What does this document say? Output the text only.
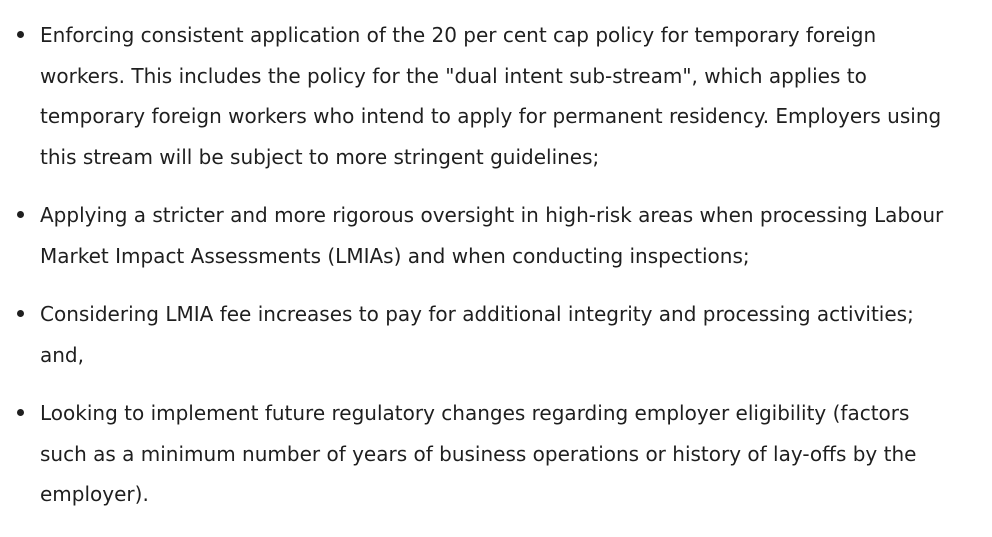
Enforcing consistent application of the 20 per cent cap policy for temporary foreign workers. This includes the policy for the "dual intent sub-stream", which applies to temporary foreign workers who intend to apply for permanent residency. Employers using this stream will be subject to more stringent guidelines;
Applying a stricter and more rigorous oversight in high-risk areas when processing Labour Market Impact Assessments (LMIAs) and when conducting inspections;
Considering LMIA fee increases to pay for additional integrity and processing activities; and,
Looking to implement future regulatory changes regarding employer eligibility (factors such as a minimum number of years of business operations or history of lay-offs by the employer).
